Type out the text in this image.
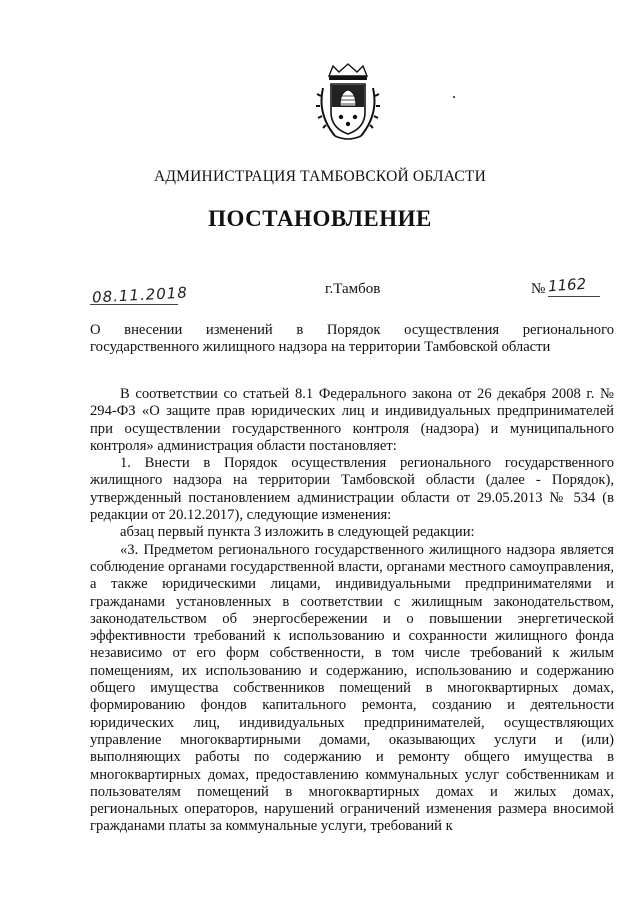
АДМИНИСТРАЦИЯ ТАМБОВСКОЙ ОБЛАСТИ
ПОСТАНОВЛЕНИЕ
08.11.2018	г.Тамбов	№ 1162
О внесении изменений в Порядок осуществления регионального
государственного жилищного надзора на территории Тамбовской области

В соответствии со статьей 8.1 Федерального закона от 26 декабря 2008 г. № 294-ФЗ «О защите прав юридических лиц и индивидуальных предпринимателей при осуществлении государственного контроля (надзора) и муниципального контроля» администрация области постановляет:

1. Внести в Порядок осуществления регионального государственного жилищного надзора на территории Тамбовской области (далее - Порядок), утвержденный постановлением администрации области от 29.05.2013 № 534 (в редакции от 20.12.2017), следующие изменения:

абзац первый пункта 3 изложить в следующей редакции:

«3. Предметом регионального государственного жилищного надзора является соблюдение органами государственной власти, органами местного самоуправления, а также юридическими лицами, индивидуальными предпринимателями и гражданами установленных в соответствии с жилищным законодательством, законодательством об энергосбережении и о повышении энергетической эффективности требований к использованию и сохранности жилищного фонда независимо от его форм собственности, в том числе требований к жилым помещениям, их использованию и содержанию, использованию и содержанию общего имущества собственников помещений в многоквартирных домах, формированию фондов капитального ремонта, созданию и деятельности юридических лиц, индивидуальных предпринимателей, осуществляющих управление многоквартирными домами, оказывающих услуги и (или) выполняющих работы по содержанию и ремонту общего имущества в многоквартирных домах, предоставлению коммунальных услуг собственникам и пользователям помещений в многоквартирных домах и жилых домах, региональных операторов, нарушений ограничений изменения размера вносимой гражданами платы за коммунальные услуги, требований к
